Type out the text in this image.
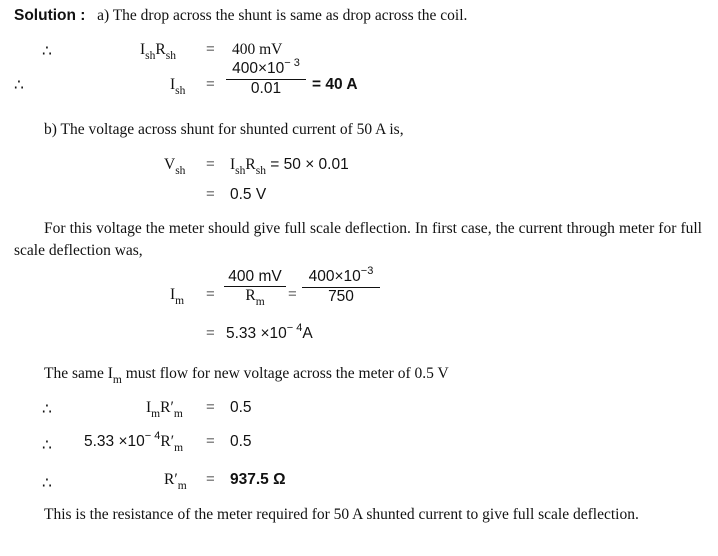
Solution : a) The drop across the shunt is same as drop across the coil.
∴	$I_{sh}R_{sh} = 400$ mV
∴	$I_{sh}$ =
$400\times 10^{- 3}$
0.01	= 40 A
b) The voltage across shunt for shunted current of 50 A is,
$V_{sh} = I_{sh}R_{sh} = 50 \times 0.01$
= 0.5 V
For this voltage the meter should give full scale deflection. In first case, the current through meter for full scale deflection was,
$I_m$ =
400 mV
$R_m$	=
$400\times 10^{-3}$
750
= $5.33 \times 10^{- 4}A$
The same $I_m$ must flow for new voltage across the meter of 0.5 V
∴	$I_mR'_m = 0.5$
∴ $5.33 \times 10^{- 4}R'_m = 0.5$
∴	$R'_m = 937.5$ Ω
This is the resistance of the meter required for 50 A shunted current to give full scale deflection.
